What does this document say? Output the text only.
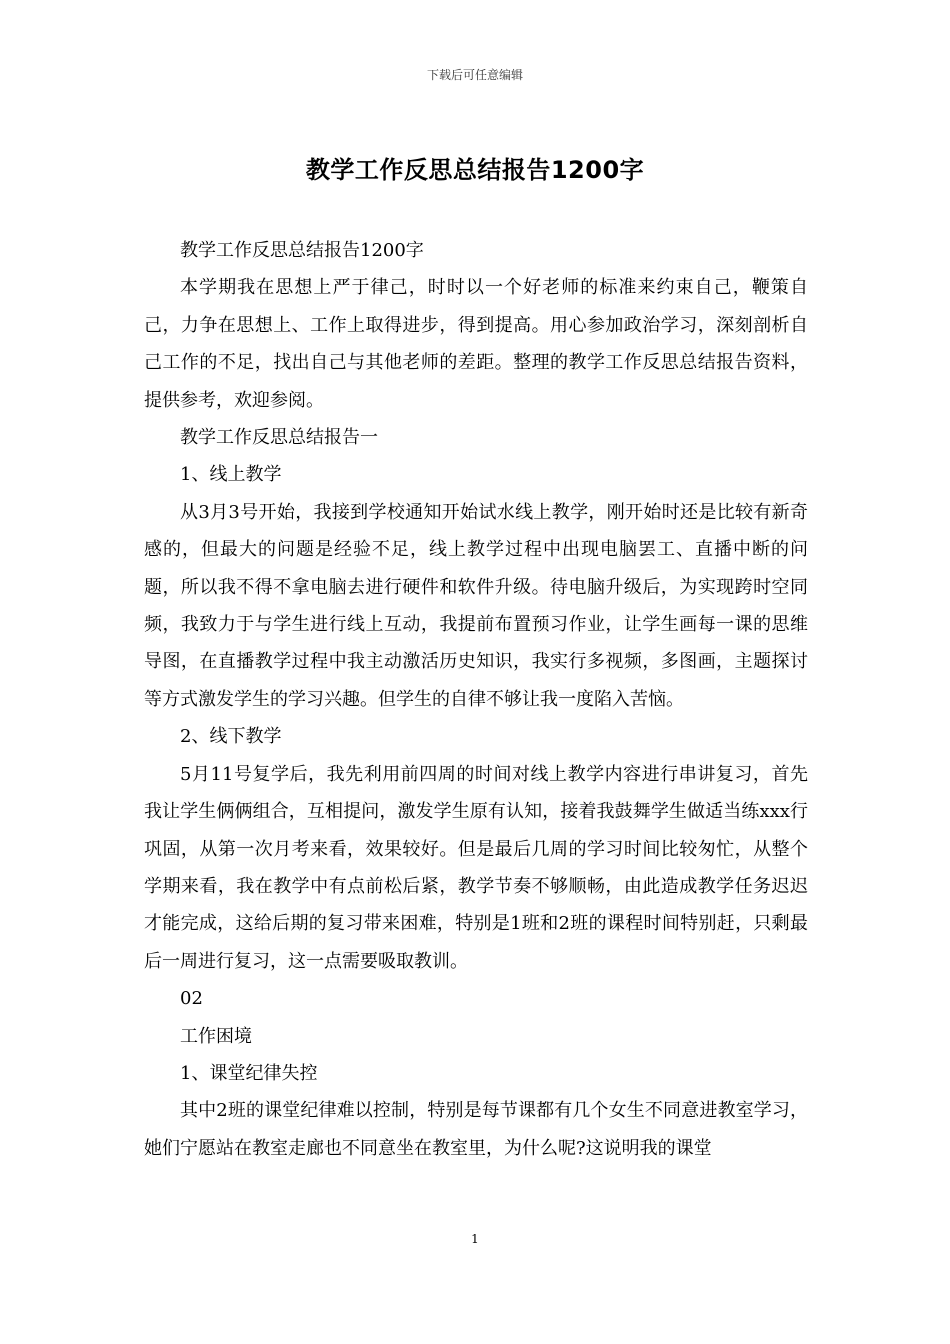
下载后可任意编辑
教学工作反思总结报告1200字

教学工作反思总结报告1200字

本学期我在思想上严于律己，时时以一个好老师的标准来约束自己，鞭策自己，力争在思想上、工作上取得进步，得到提高。用心参加政治学习，深刻剖析自己工作的不足，找出自己与其他老师的差距。整理的教学工作反思总结报告资料，提供参考，欢迎参阅。

教学工作反思总结报告一

1、线上教学

从3月3号开始，我接到学校通知开始试水线上教学，刚开始时还是比较有新奇感的，但最大的问题是经验不足，线上教学过程中出现电脑罢工、直播中断的问题，所以我不得不拿电脑去进行硬件和软件升级。待电脑升级后，为实现跨时空同频，我致力于与学生进行线上互动，我提前布置预习作业，让学生画每一课的思维导图，在直播教学过程中我主动激活历史知识，我实行多视频，多图画，主题探讨等方式激发学生的学习兴趣。但学生的自律不够让我一度陷入苦恼。

2、线下教学

5月11号复学后，我先利用前四周的时间对线上教学内容进行串讲复习，首先我让学生俩俩组合，互相提问，激发学生原有认知，接着我鼓舞学生做适当练xxx行巩固，从第一次月考来看，效果较好。但是最后几周的学习时间比较匆忙，从整个学期来看，我在教学中有点前松后紧，教学节奏不够顺畅，由此造成教学任务迟迟才能完成，这给后期的复习带来困难，特别是1班和2班的课程时间特别赶，只剩最后一周进行复习，这一点需要吸取教训。

02

工作困境

1、课堂纪律失控

其中2班的课堂纪律难以控制，特别是每节课都有几个女生不同意进教室学习，她们宁愿站在教室走廊也不同意坐在教室里，为什么呢?这说明我的课堂

1
